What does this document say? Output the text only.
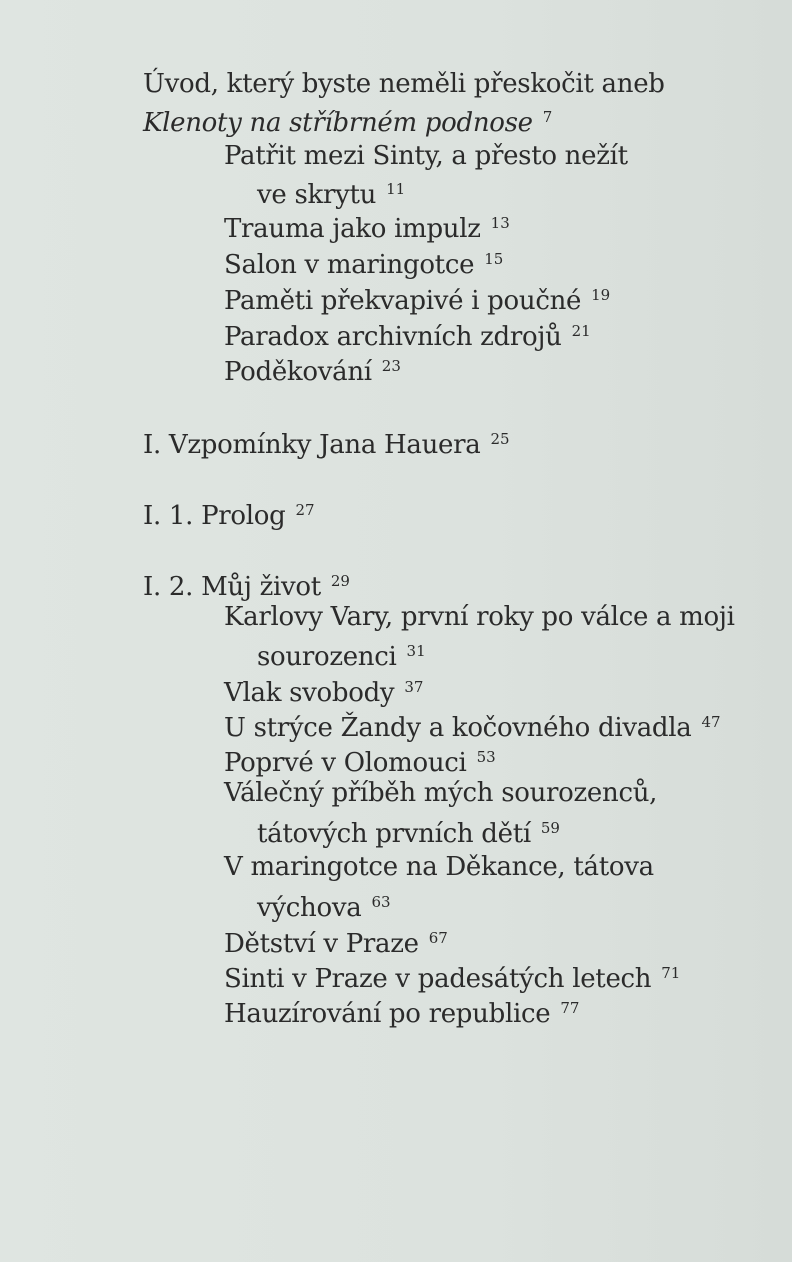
Úvod, který byste neměli přeskočit aneb
Klenoty na stříbrném podnose $^7$
Patřit mezi Sinty, a přesto nežít
ve skrytu $^{11}$
Trauma jako impulz $^{13}$
Salon v maringotce $^{15}$
Paměti překvapivé i poučné $^{19}$
Paradox archivních zdrojů $^{21}$
Poděkování $^{23}$
I. Vzpomínky Jana Hauera $^{25}$
I. 1. Prolog $^{27}$
I. 2. Můj život $^{29}$
Karlovy Vary, první roky po válce a moji
sourozenci $^{31}$
Vlak svobody $^{37}$
U strýce Žandy a kočovného divadla $^{47}$
Poprvé v Olomouci $^{53}$
Válečný příběh mých sourozenců,
tátových prvních dětí $^{59}$
V maringotce na Děkance, tátova
výchova $^{63}$
Dětství v Praze $^{67}$
Sinti v Praze v padesátých letech $^{71}$
Hauzírování po republice $^{77}$
